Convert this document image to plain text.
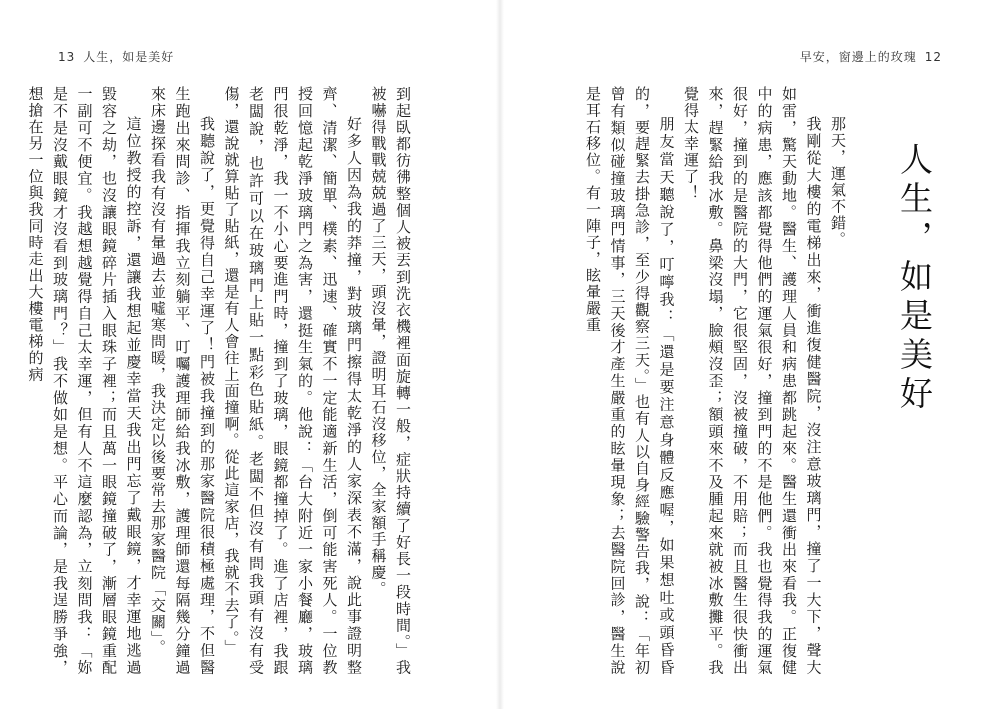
13 人生，如是美好

到起臥都彷彿整個人被丟到洗衣機裡面旋轉一般，症狀持續了好長一段時間。」我被嚇得戰戰兢兢過了三天，頭沒暈，證明耳石沒移位，全家額手稱慶。

好多人因為我的莽撞，對玻璃門擦得太乾淨的人家深表不滿，說此事證明整齊、清潔、簡單、樸素、迅速、確實不一定能適新生活，倒可能害死人。一位教授回憶起乾淨玻璃門之為害，還挺生氣的。他說：「台大附近一家小餐廳，玻璃門很乾淨，我一不小心要進門時，撞到了玻璃，眼鏡都撞掉了。進了店裡，我跟老闆說，也許可以在玻璃門上貼一點彩色貼紙。老闆不但沒有問我頭有沒有受傷，還說就算貼了貼紙，還是有人會往上面撞啊。從此這家店，我就不去了。」

我聽說了，更覺得自己幸運了！門被我撞到的那家醫院很積極處理，不但醫生跑出來問診、指揮我立刻躺平、叮囑護理師給我冰敷，護理師還每隔幾分鐘過來床邊探看我有沒有暈過去並噓寒問暖，我決定以後要常去那家醫院「交關」。

這位教授的控訴，還讓我想起並慶幸當天我出門忘了戴眼鏡，才幸運地逃過毀容之劫，也沒讓眼鏡碎片插入眼珠子裡；而且萬一眼鏡撞破了，漸層眼鏡重配一副可不便宜。我越想越覺得自己太幸運，但有人不這麼認為，立刻問我：「妳是不是沒戴眼鏡才沒看到玻璃門？」我不做如是想。平心而論，是我逞勝爭強，想搶在另一位與我同時走出大樓電梯的病

早安，窗邊上的玫瑰 12
人生，如是美好

那天，運氣不錯。

我剛從大樓的電梯出來，衝進復健醫院，沒注意玻璃門，撞了一大下，聲大如雷，驚天動地。醫生、護理人員和病患都跳起來。醫生還衝出來看我。正復健中的病患，應該都覺得他們的運氣很好，撞到門的不是他們。我也覺得我的運氣很好，撞到的是醫院的大門，它很堅固，沒被撞破，不用賠；而且醫生很快衝出來，趕緊給我冰敷。鼻梁沒塌，臉頰沒歪；額頭來不及腫起來就被冰敷攤平。我覺得太幸運了！

朋友當天聽說了，叮嚀我：「還是要注意身體反應喔，如果想吐或頭昏昏的，要趕緊去掛急診，至少得觀察三天。」也有人以自身經驗警告我，說：「年初曾有類似碰撞玻璃門情事，三天後才產生嚴重的眩暈現象；去醫院回診，醫生說是耳石移位。有一陣子，眩暈嚴重
